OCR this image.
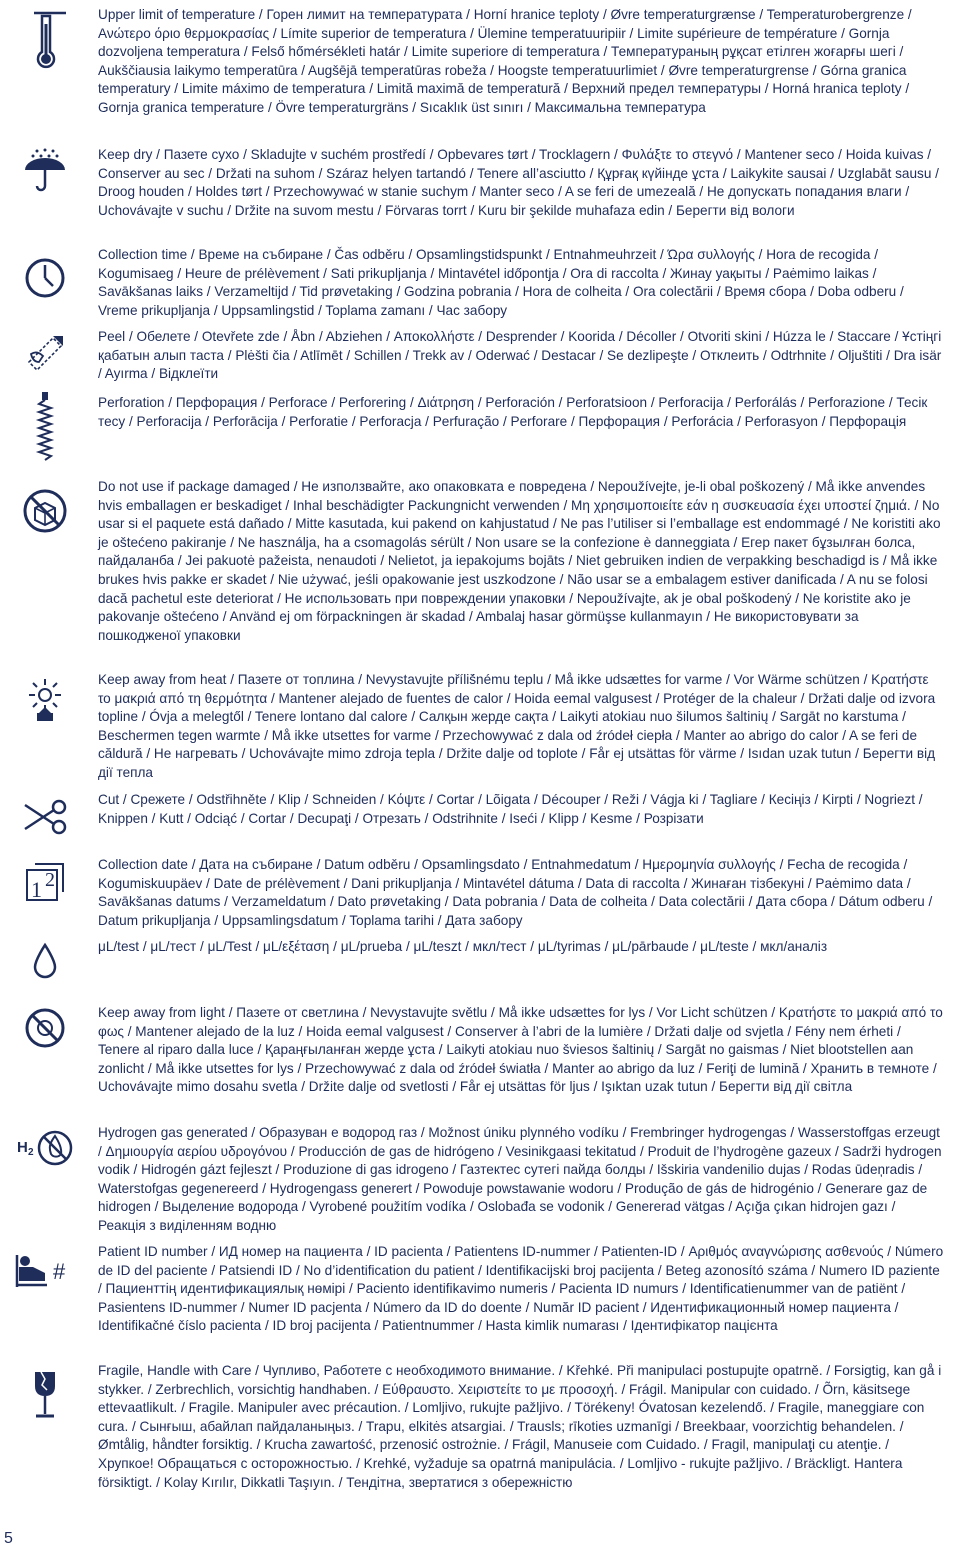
Upper limit of temperature / Горен лимит на температурата / Horní hranice teploty / Øvre temperaturgrænse / Temperaturobergrenze / Ανώτερο όριο θερμοκρασίας / Límite superior de temperatura / Ülemine temperatuuripiir / Limite supérieure de température / Gornja dozvoljena temperatura / Felső hőmérsékleti határ / Limite superiore di temperatura / Температураның рұқсат етілген жоғарғы шегі / Aukščiausia laikymo temperatūra / Augšējā temperatūras robeža / Hoogste temperatuurlimiet / Øvre temperaturgrense / Górna granica temperatury / Limite máximo de temperatura / Limită maximă de temperatură / Верхний предел температуры / Horná hranica teploty / Gornja granica temperature / Övre temperaturgräns / Sıcaklık üst sınırı / Максимальна температура

Keep dry / Пазете сухо / Skladujte v suchém prostředí / Opbevares tørt / Trocklagern / Φυλάξτε το στεγνό / Mantener seco / Hoida kuivas / Conserver au sec / Držati na suhom / Száraz helyen tartandó / Tenere all’asciutto / Құрғақ күйінде ұста / Laikykite sausai / Uzglabāt sausu / Droog houden / Holdes tørt / Przechowywać w stanie suchym / Manter seco / A se feri de umezeală / Не допускать попадания влаги / Uchovávajte v suchu / Držite na suvom mestu / Förvaras torrt / Kuru bir şekilde muhafaza edin / Берегти від вологи

Collection time / Време на събиране / Čas odběru / Opsamlingstidspunkt / Entnahmeuhrzeit / Ώρα συλλογής / Hora de recogida / Kogumisaeg / Heure de prélèvement / Sati prikupljanja / Mintavétel időpontja / Ora di raccolta / Жинау уақыты / Paėmimo laikas / Savākšanas laiks / Verzameltijd / Tid prøvetaking / Godzina pobrania / Hora de colheita / Ora colectării / Время сбора / Doba odberu / Vreme prikupljanja / Uppsamlingstid / Toplama zamanı / Час забору

Peel / Обелете / Otevřete zde / Åbn / Abziehen / Αποκολλήστε / Desprender / Koorida / Décoller / Otvoriti skini / Húzza le / Staccare / Ұстіңгі қабатын алып таста / Plėšti čia / Atlīmēt / Schillen / Trekk av / Oderwać / Destacar / Se dezlipeşte / Отклеить / Odtrhnite / Oljuštiti / Dra isär / Ayırma / Відклеїти

Perforation / Перфорация / Perforace / Perforering / Διάτρηση / Perforación / Perforatsioon / Perforacija / Perforálás / Perforazione / Тесік тесу / Perforacija / Perforācija / Perforatie / Perforacja / Perfuração / Perforare / Перфорация / Perforácia / Perforasyon / Перфорація

Do not use if package damaged / Не използвайте, ако опаковката е повредена / Nepoužívejte, je-li obal poškozený / Må ikke anvendes hvis emballagen er beskadiget / Inhal beschädigter Packungnicht verwenden / Μη χρησιμοποιείτε εάν η συσκευασία έχει υποστεί ζημιά. / No usar si el paquete está dañado / Mitte kasutada, kui pakend on kahjustatud / Ne pas l’utiliser si l’emballage est endommagé / Ne koristiti ako je oštećeno pakiranje / Ne használja, ha a csomagolás sérült / Non usare se la confezione è danneggiata / Егер пакет бұзылған болса, пайдаланба / Jei pakuotė pažeista, nenaudoti / Nelietot, ja iepakojums bojāts / Niet gebruiken indien de verpakking beschadigd is / Må ikke brukes hvis pakke er skadet / Nie używać, jeśli opakowanie jest uszkodzone / Não usar se a embalagem estiver danificada / A nu se folosi dacă pachetul este deteriorat / Не использовать при повреждении упаковки / Nepoužívajte, ak je obal poškodený / Ne koristite ako je pakovanje oštećeno / Använd ej om förpackningen är skadad / Ambalaj hasar görmüşse kullanmayın / Не використовувати за пошкодженої упаковки

Keep away from heat / Пазете от топлина / Nevystavujte příliš́nému teplu / Må ikke udsættes for varme / Vor Wärme schützen / Κρατήστε το μακριά από τη θερμότητα / Mantener alejado de fuentes de calor / Hoida eemal valgusest / Protéger de la chaleur / Držati dalje od izvora topline / Óvja a melegtől / Tenere lontano dal calore / Салқын жерде сақта / Laikyti atokiau nuo šilumos šaltinių / Sargāt no karstuma / Beschermen tegen warmte / Må ikke utsettes for varme / Przechowywać z dala od źródeł ciepła / Manter ao abrigo do calor / A se feri de căldură / Не нагревать / Uchovávajte mimo zdroja tepla / Držite dalje od toplote / Får ej utsättas för värme / Isıdan uzak tutun / Берегти від дії тепла

Cut / Срежете / Odstřihněte / Klip / Schneiden / Κόψτε / Cortar / Lõigata / Découper / Reži / Vágja ki / Tagliare / Кесіңіз / Kirpti / Nogriezt / Knippen / Kutt / Odciąć / Cortar / Decupaţi / Отрезать / Odstrihnite / Iseći / Klipp / Kesme / Розрізати

1 2

Collection date / Дата на събиране / Datum odběru / Opsamlingsdato / Entnahmedatum / Ημερομηνία συλλογής / Fecha de recogida / Kogumiskuupäev / Date de prélèvement / Dani prikupljanja / Mintavétel dátuma / Data di raccolta / Жинаған тізбекуні / Paėmimo data / Savākšanas datums / Verzameldatum / Dato prøvetaking / Data pobrania / Data de colheita / Data colectării / Дата сбора / Dátum odberu / Datum prikupljanja / Uppsamlingsdatum / Toplama tarihi / Дата забору

μL/test / μL/тест / μL/Test / μL/εξέταση / μL/prueba / μL/teszt / мкл/тест / μL/tyrimas / μL/pārbaude / μL/teste / мкл/аналіз

Keep away from light / Пазете от светлина / Nevystavujte světlu / Må ikke udsættes for lys / Vor Licht schützen / Κρατήστε το μακριά από το φως / Mantener alejado de la luz / Hoida eemal valgusest / Conserver à l’abri de la lumière / Držati dalje od svjetla / Fény nem érheti / Tenere al riparo dalla luce / Қараңғыланған жерде ұста / Laikyti atokiau nuo šviesos šaltinių / Sargāt no gaismas / Niet blootstellen aan zonlicht / Må ikke utsettes for lys / Przechowywać z dala od źródeł światła / Manter ao abrigo da luz / Feriţi de lumină / Хранить в темноте / Uchovávajte mimo dosahu svetla / Držite dalje od svetlosti / Får ej utsättas för ljus / Işıktan uzak tutun / Берегти від дії світла

H 2

Hydrogen gas generated / Образуван е водород газ / Možnost úniku plynného vodíku / Frembringer hydrogengas / Wasserstoffgas erzeugt / Δημιουργία αερίου υδρογόνου / Producción de gas de hidrógeno / Vesinikgaasi tekitatud / Produit de l’hydrogène gazeux / Sadrži hydrogen vodik / Hidrogén gázt fejleszt / Produzione di gas idrogeno / Газтектес сутегі пайда болды / Išskiria vandenilio dujas / Rodas ūdeņradis / Waterstofgas gegenereerd / Hydrogengass generert / Powoduje powstawanie wodoru / Produção de gás de hidrogénio / Generare gaz de hidrogen / Выделение водорода / Vyrobené použitím vodíka / Oslobađa se vodonik / Genererad vätgas / Açığa çıkan hidrojen gazı / Реакція з виділенням водню

#

Patient ID number / ИД номер на пациента / ID pacienta / Patientens ID-nummer / Patienten-ID / Αριθμός αναγνώρισης ασθενούς / Número de ID del paciente / Patsiendi ID / No d’identification du patient / Identifikacijski broj pacijenta / Beteg azonosító száma / Numero ID paziente / Пациенттің идентификациялық нөмірі / Paciento identifikavimo numeris / Pacienta ID numurs / Identificatienummer van de patiënt / Pasientens ID-nummer / Numer ID pacjenta / Número da ID do doente / Număr ID pacient / Идентификационный номер пациента / Identifikačné číslo pacienta / ID broj pacijenta / Patientnummer / Hasta kimlik numarası / Ідентифікатор пацієнта

Fragile, Handle with Care / Чупливо, Работете с необходимото внимание. / Křehké. Při manipulaci postupujte opatrně. / Forsigtig, kan gå i stykker. / Zerbrechlich, vorsichtig handhaben. / Εύθραυστο. Χειριστείτε το με προσοχή. / Frágil. Manipular con cuidado. / Õrn, käsitsege ettevaatlikult. / Fragile. Manipuler avec précaution. / Lomljivo, rukujte pažljivo. / Törékeny! Óvatosan kezelendő. / Fragile, maneggiare con cura. / Сынғыш, абайлап пайдаланыңыз. / Trapu, elkitės atsargiai. / Trausls; rīkoties uzmanīgi / Breekbaar, voorzichtig behandelen. / Ømtålig, håndter forsiktig. / Krucha zawartość, przenosić ostrożnie. / Frágil, Manuseie com Cuidado. / Fragil, manipulaţi cu atenţie. / Хрупкое! Обращаться с осторожностью. / Krehké, vyžaduje sa opatrná manipulácia. / Lomljivo - rukujte pažljivo. / Bräckligt. Hantera försiktigt. / Kolay Kırılır, Dikkatli Taşıyın. / Тендітна, звертатися з обережністю

5
